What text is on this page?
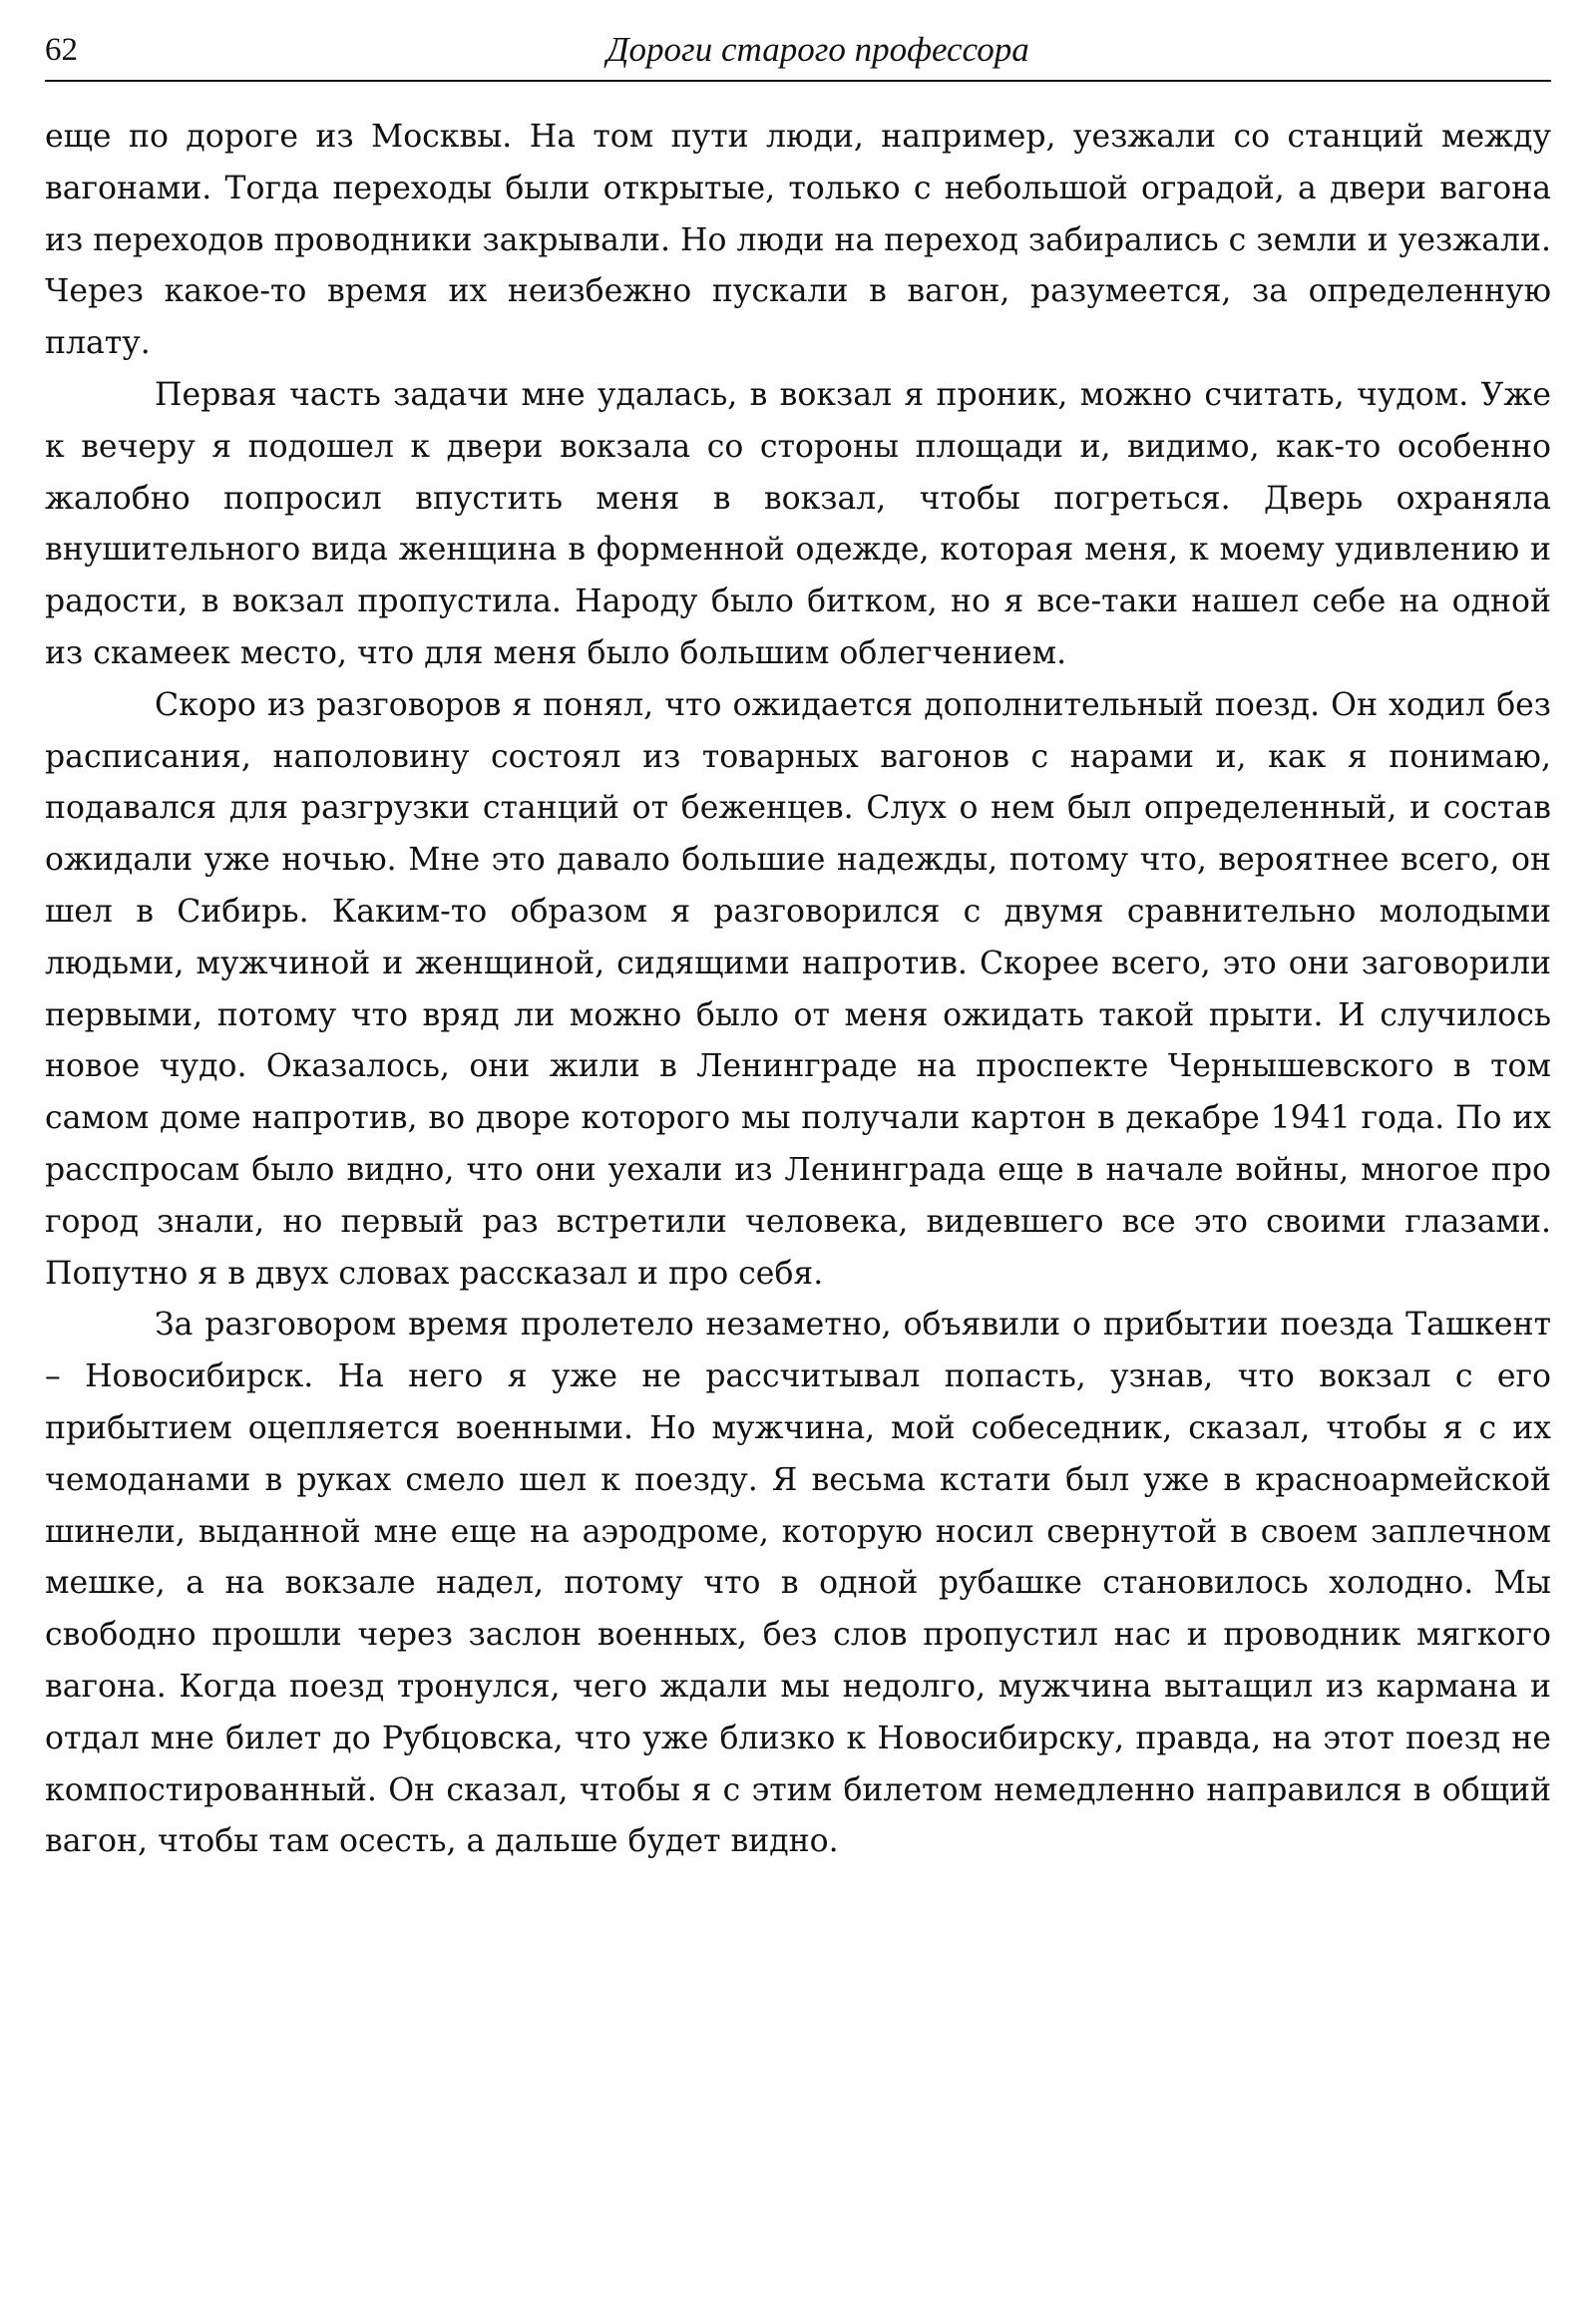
62	Дороги старого профессора

еще по дороге из Москвы. На том пути люди, например, уезжали со станций между вагонами. Тогда переходы были открытые, только с небольшой оградой, а двери вагона из переходов проводники закрывали. Но люди на переход забирались с земли и уезжали. Через какое-то время их неизбежно пускали в вагон, разумеется, за определенную плату.

Первая часть задачи мне удалась, в вокзал я проник, можно считать, чудом. Уже к вечеру я подошел к двери вокзала со стороны площади и, видимо, как-то особенно жалобно попросил впустить меня в вокзал, чтобы погреться. Дверь охраняла внушительного вида женщина в форменной одежде, которая меня, к моему удивлению и радости, в вокзал пропустила. Народу было битком, но я все-таки нашел себе на одной из скамеек место, что для меня было большим облегчением.

Скоро из разговоров я понял, что ожидается дополнительный поезд. Он ходил без расписания, наполовину состоял из товарных вагонов с нарами и, как я понимаю, подавался для разгрузки станций от беженцев. Слух о нем был определенный, и состав ожидали уже ночью. Мне это давало большие надежды, потому что, вероятнее всего, он шел в Сибирь. Каким-то образом я разговорился с двумя сравнительно молодыми людьми, мужчиной и женщиной, сидящими напротив. Скорее всего, это они заговорили первыми, потому что вряд ли можно было от меня ожидать такой прыти. И случилось новое чудо. Оказалось, они жили в Ленинграде на проспекте Чернышевского в том самом доме напротив, во дворе которого мы получали картон в декабре 1941 года. По их расспросам было видно, что они уехали из Ленинграда еще в начале войны, многое про город знали, но первый раз встретили человека, видевшего все это своими глазами. Попутно я в двух словах рассказал и про себя.

За разговором время пролетело незаметно, объявили о прибытии поезда Ташкент – Новосибирск. На него я уже не рассчитывал попасть, узнав, что вокзал с его прибытием оцепляется военными. Но мужчина, мой собеседник, сказал, чтобы я с их чемоданами в руках смело шел к поезду. Я весьма кстати был уже в красноармейской шинели, выданной мне еще на аэродроме, которую носил свернутой в своем заплечном мешке, а на вокзале надел, потому что в одной рубашке становилось холодно. Мы свободно прошли через заслон военных, без слов пропустил нас и проводник мягкого вагона. Когда поезд тронулся, чего ждали мы недолго, мужчина вытащил из кармана и отдал мне билет до Рубцовска, что уже близко к Новосибирску, правда, на этот поезд не компостированный. Он сказал, чтобы я с этим билетом немедленно направился в общий вагон, чтобы там осесть, а дальше будет видно.
